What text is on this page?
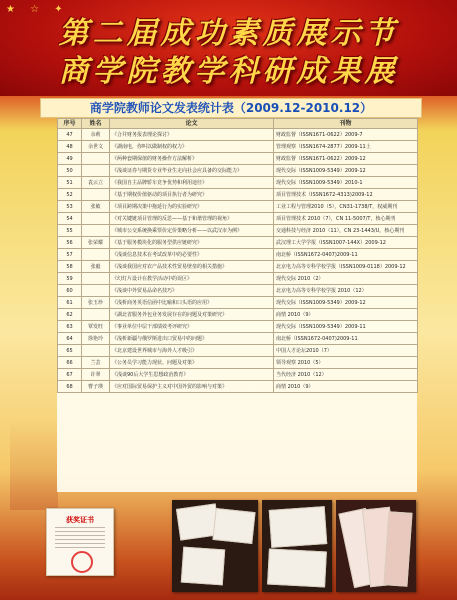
★ ☆ ✦
第二届成功素质展示节
商学院教学科研成果展
商学院教师论文发表统计表（2009.12-2010.12）
序号	姓名	论文	刊物
47	余莉	《合并财务报表理论探讨》	财政监督（ISSN1671-0622）2009-7
48	余世文	《湖南电，你叫以做制权的权力》	管理观察（ISSN1674-2877）2009-11上
49		《两种套期保值的财务操作方法解析》	财政监督（ISSN1671-0622）2009-12
50		《浅谈证券与期货专业毕业生走向社会应具备的交际能力》	现代交际（ISSN1009-5349）2009-12
51	袁云立	《我国自主品牌轿车竞争优势和利用途径》	现代交际（ISSN1009-5349）2010-1
52		《基于期权价值驱动的项目执行者为研究》	项目管理技术（ISSN1672-4313)2009-12
53	张敏	《项目跨期决策中拖延行为的实验研究》	工业工程与管理2010（5），CN31-1738/T，权威期刊
54		《对关键链项目管理的反思——基于和谐管理的视角》	项目管理技术 2010（7），CN 11-5007/T，核心期刊
55		《城市公交系统换乘票价定价策略分析——以武汉市为例》	交通科技与经济 2010（11），CN 23-1443/U，核心期刊
56	张荣耀	《基于服务模块化的服务型供应链研究》	武汉理工大学学报（ISSN1007-144X）2009-12
57		《浅谈信息技术在考试改革中的必要性》	南北桥（ISSN1672-0407)2009-11
58	张毅	《浅谈我国应对农产品技术性贸易壁垒的相关措施》	北京电力高等专科学校学报（ISSN1009-0118）2009-12
59		《幻灯片设计在教学活动中的误区》	现代交际 2010（2）
60		《浅谈中外贸易品命名技巧》	北京电力高等专科学校学报 2010（12）
61	张玉珍	《浅析商务英语信函中比喻和口头语的应用》	现代交际（ISSN1009-5349）2009-12
62		《湖北省服务外包业务发展存在的问题及对策研究》	商情 2010（9）
63	覃发旺	《事业单位中层干部绩效考评研究》	现代交际（ISSN1009-5349）2009-11
64	徐艳玲	《浅析新疆与俄罗斯进出口贸易中的问题》	南北桥（ISSN1672-0407)2009-11
65		《北京建设世界城市与海外人才吸引》	中国人才论坛2010（7）
66	兰芸	《公务员学习能力现状、问题及对策》	领导观察 2010（5）
67	许翠	《浅谈90后大学生思想政治教育》	当代经济 2010（12）
68	曹子瑛	《应对国际贸易保护主义对中国外贸的影响与对策》	商情 2010（9）
获奖证书
